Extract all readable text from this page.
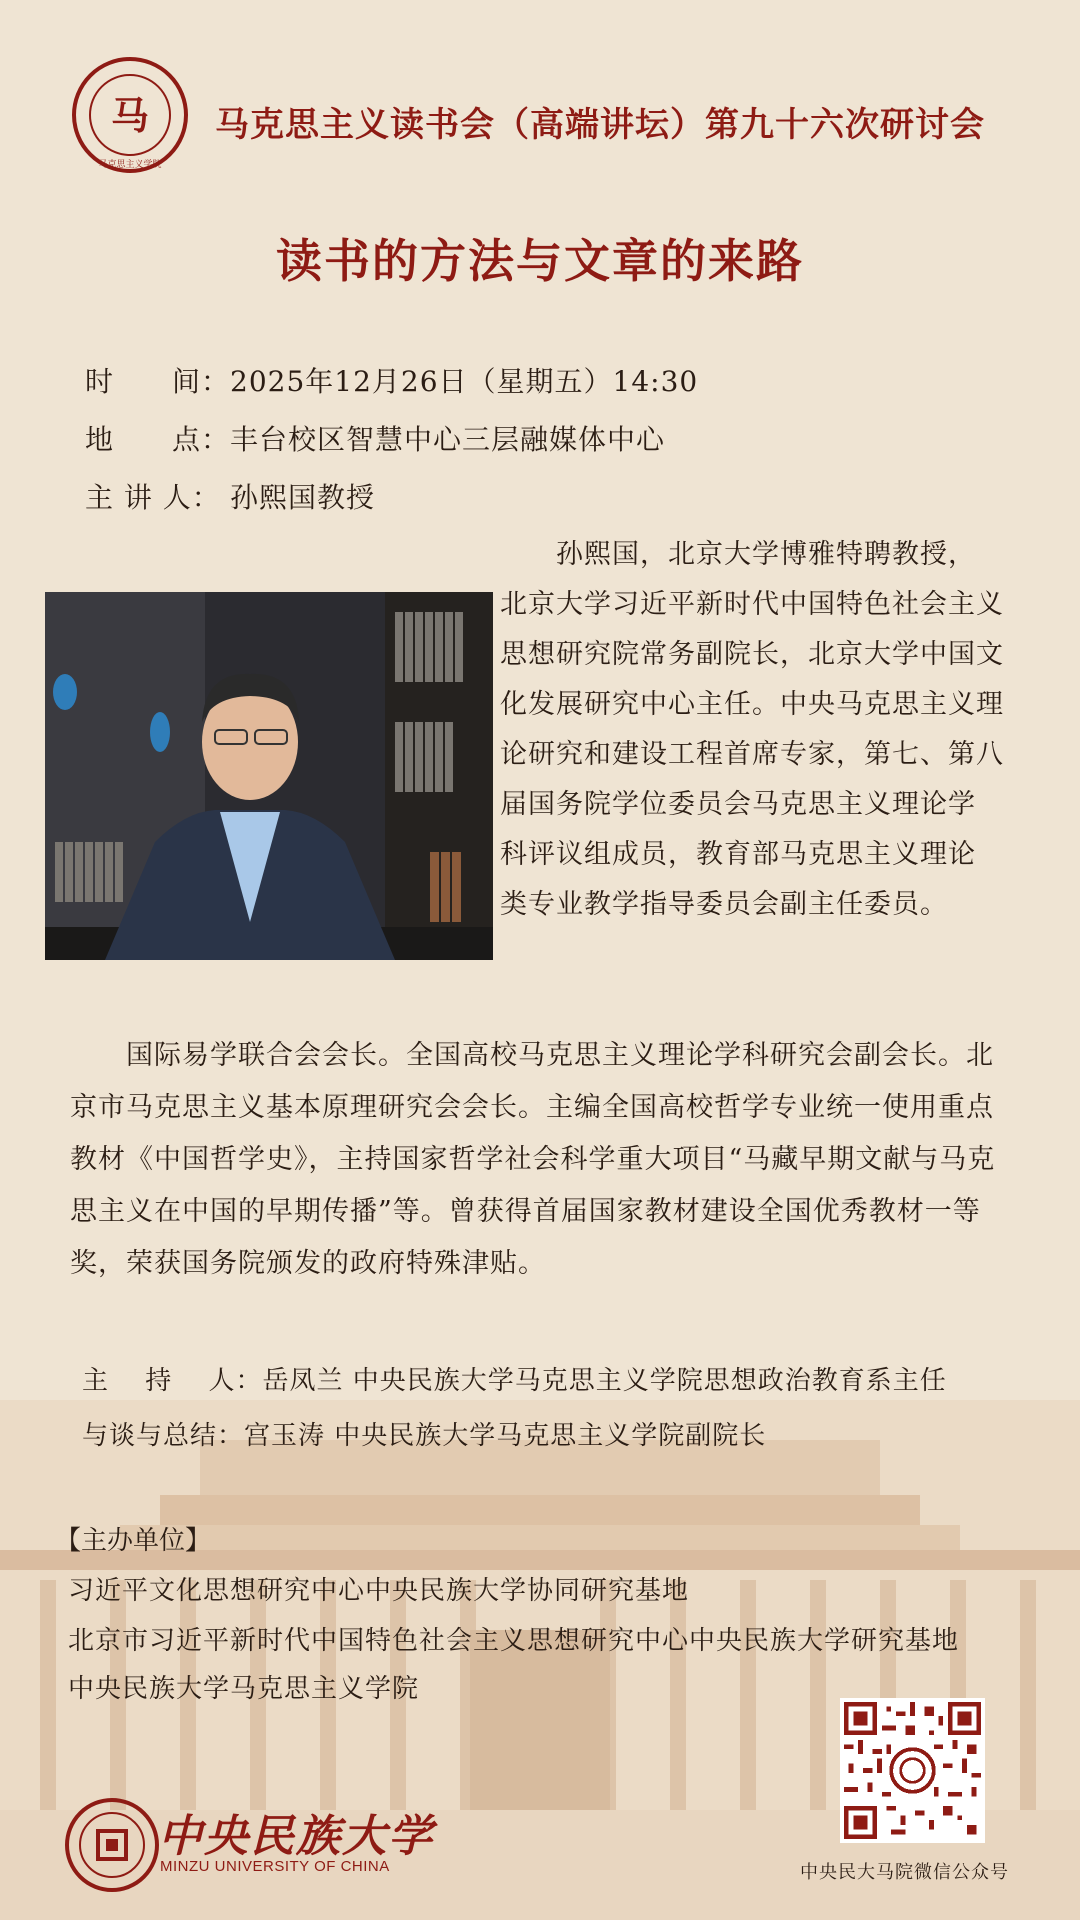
马
马克思主义学院
马克思主义读书会（高端讲坛）第九十六次研讨会
读书的方法与文章的来路
时　　间：2025年12月26日（星期五）14:30
地　　点：丰台校区智慧中心三层融媒体中心
主 讲 人： 孙熙国教授
　　孙熙国，北京大学博雅特聘教授，
北京大学习近平新时代中国特色社会主义
思想研究院常务副院长，北京大学中国文
化发展研究中心主任。中央马克思主义理
论研究和建设工程首席专家，第七、第八
届国务院学位委员会马克思主义理论学
科评议组成员，教育部马克思主义理论
类专业教学指导委员会副主任委员。
　　国际易学联合会会长。全国高校马克思主义理论学科研究会副会长。北
京市马克思主义基本原理研究会会长。主编全国高校哲学专业统一使用重点
教材《中国哲学史》，主持国家哲学社会科学重大项目“马藏早期文献与马克
思主义在中国的早期传播”等。曾获得首届国家教材建设全国优秀教材一等
奖，荣获国务院颁发的政府特殊津贴。
主　 持　 人：岳凤兰 中央民族大学马克思主义学院思想政治教育系主任
与谈与总结：宫玉涛 中央民族大学马克思主义学院副院长
【主办单位】
习近平文化思想研究中心中央民族大学协同研究基地
北京市习近平新时代中国特色社会主义思想研究中心中央民族大学研究基地
中央民族大学马克思主义学院
中央民族大学
MINZU UNIVERSITY OF CHINA	中央民大马院微信公众号
